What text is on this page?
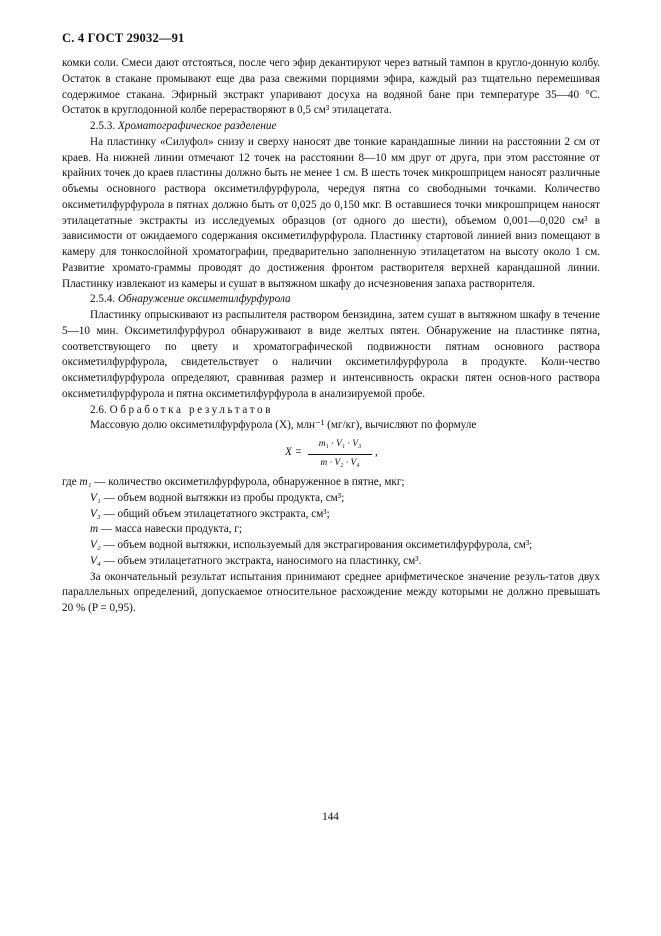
С. 4 ГОСТ 29032—91

комки соли. Смеси дают отстояться, после чего эфир декантируют через ватный тампон в кругло-донную колбу. Остаток в стакане промывают еще два раза свежими порциями эфира, каждый раз тщательно перемешивая содержимое стакана. Эфирный экстракт упаривают досуха на водяной бане при температуре 35—40 °С. Остаток в круглодонной колбе перерастворяют в 0,5 см³ этилацетата.

2.5.3. Хроматографическое разделение

На пластинку «Силуфол» снизу и сверху наносят две тонкие карандашные линии на расстоянии 2 см от краев. На нижней линии отмечают 12 точек на расстоянии 8—10 мм друг от друга, при этом расстояние от крайних точек до краев пластины должно быть не менее 1 см. В шесть точек микрошприцем наносят различные объемы основного раствора оксиметилфурфурола, чередуя пятна со свободными точками. Количество оксиметилфурфурола в пятнах должно быть от 0,025 до 0,150 мкг. В оставшиеся точки микрошприцем наносят этилацетатные экстракты из исследуемых образцов (от одного до шести), объемом 0,001—0,020 см³ в зависимости от ожидаемого содержания оксиметилфурфурола. Пластинку стартовой линией вниз помещают в камеру для тонкослойной хроматографии, предварительно заполненную этилацетатом на высоту около 1 см. Развитие хромато-граммы проводят до достижения фронтом растворителя верхней карандашной линии. Пластинку извлекают из камеры и сушат в вытяжном шкафу до исчезновения запаха растворителя.

2.5.4. Обнаружение оксиметилфурфурола

Пластинку опрыскивают из распылителя раствором бензидина, затем сушат в вытяжном шкафу в течение 5—10 мин. Оксиметилфурфурол обнаруживают в виде желтых пятен. Обнаружение на пластинке пятна, соответствующего по цвету и хроматографической подвижности пятнам основного раствора оксиметилфурфурола, свидетельствует о наличии оксиметилфурфурола в продукте. Коли-чество оксиметилфурфурола определяют, сравнивая размер и интенсивность окраски пятен основ-ного раствора оксиметилфурфурола и пятна оксиметилфурфурола в анализируемой пробе.

2.6. Обработка результатов

Массовую долю оксиметилфурфурола (X), млн⁻¹ (мг/кг), вычисляют по формуле

$X = \frac{\text{m₁ · V₁ · V₃}}{\text{m · V₂ · V₄}}$ ,

где m₁ — количество оксиметилфурфурола, обнаруженное в пятне, мкг;

V₁ — объем водной вытяжки из пробы продукта, см³;

V₃ — общий объем этилацетатного экстракта, см³;

m — масса навески продукта, г;

V₂ — объем водной вытяжки, используемый для экстрагирования оксиметилфурфурола, см³;

V₄ — объем этилацетатного экстракта, наносимого на пластинку, см³.

За окончательный результат испытания принимают среднее арифметическое значение резуль-татов двух параллельных определений, допускаемое относительное расхождение между которыми не должно превышать 20 % (P = 0,95).

144
